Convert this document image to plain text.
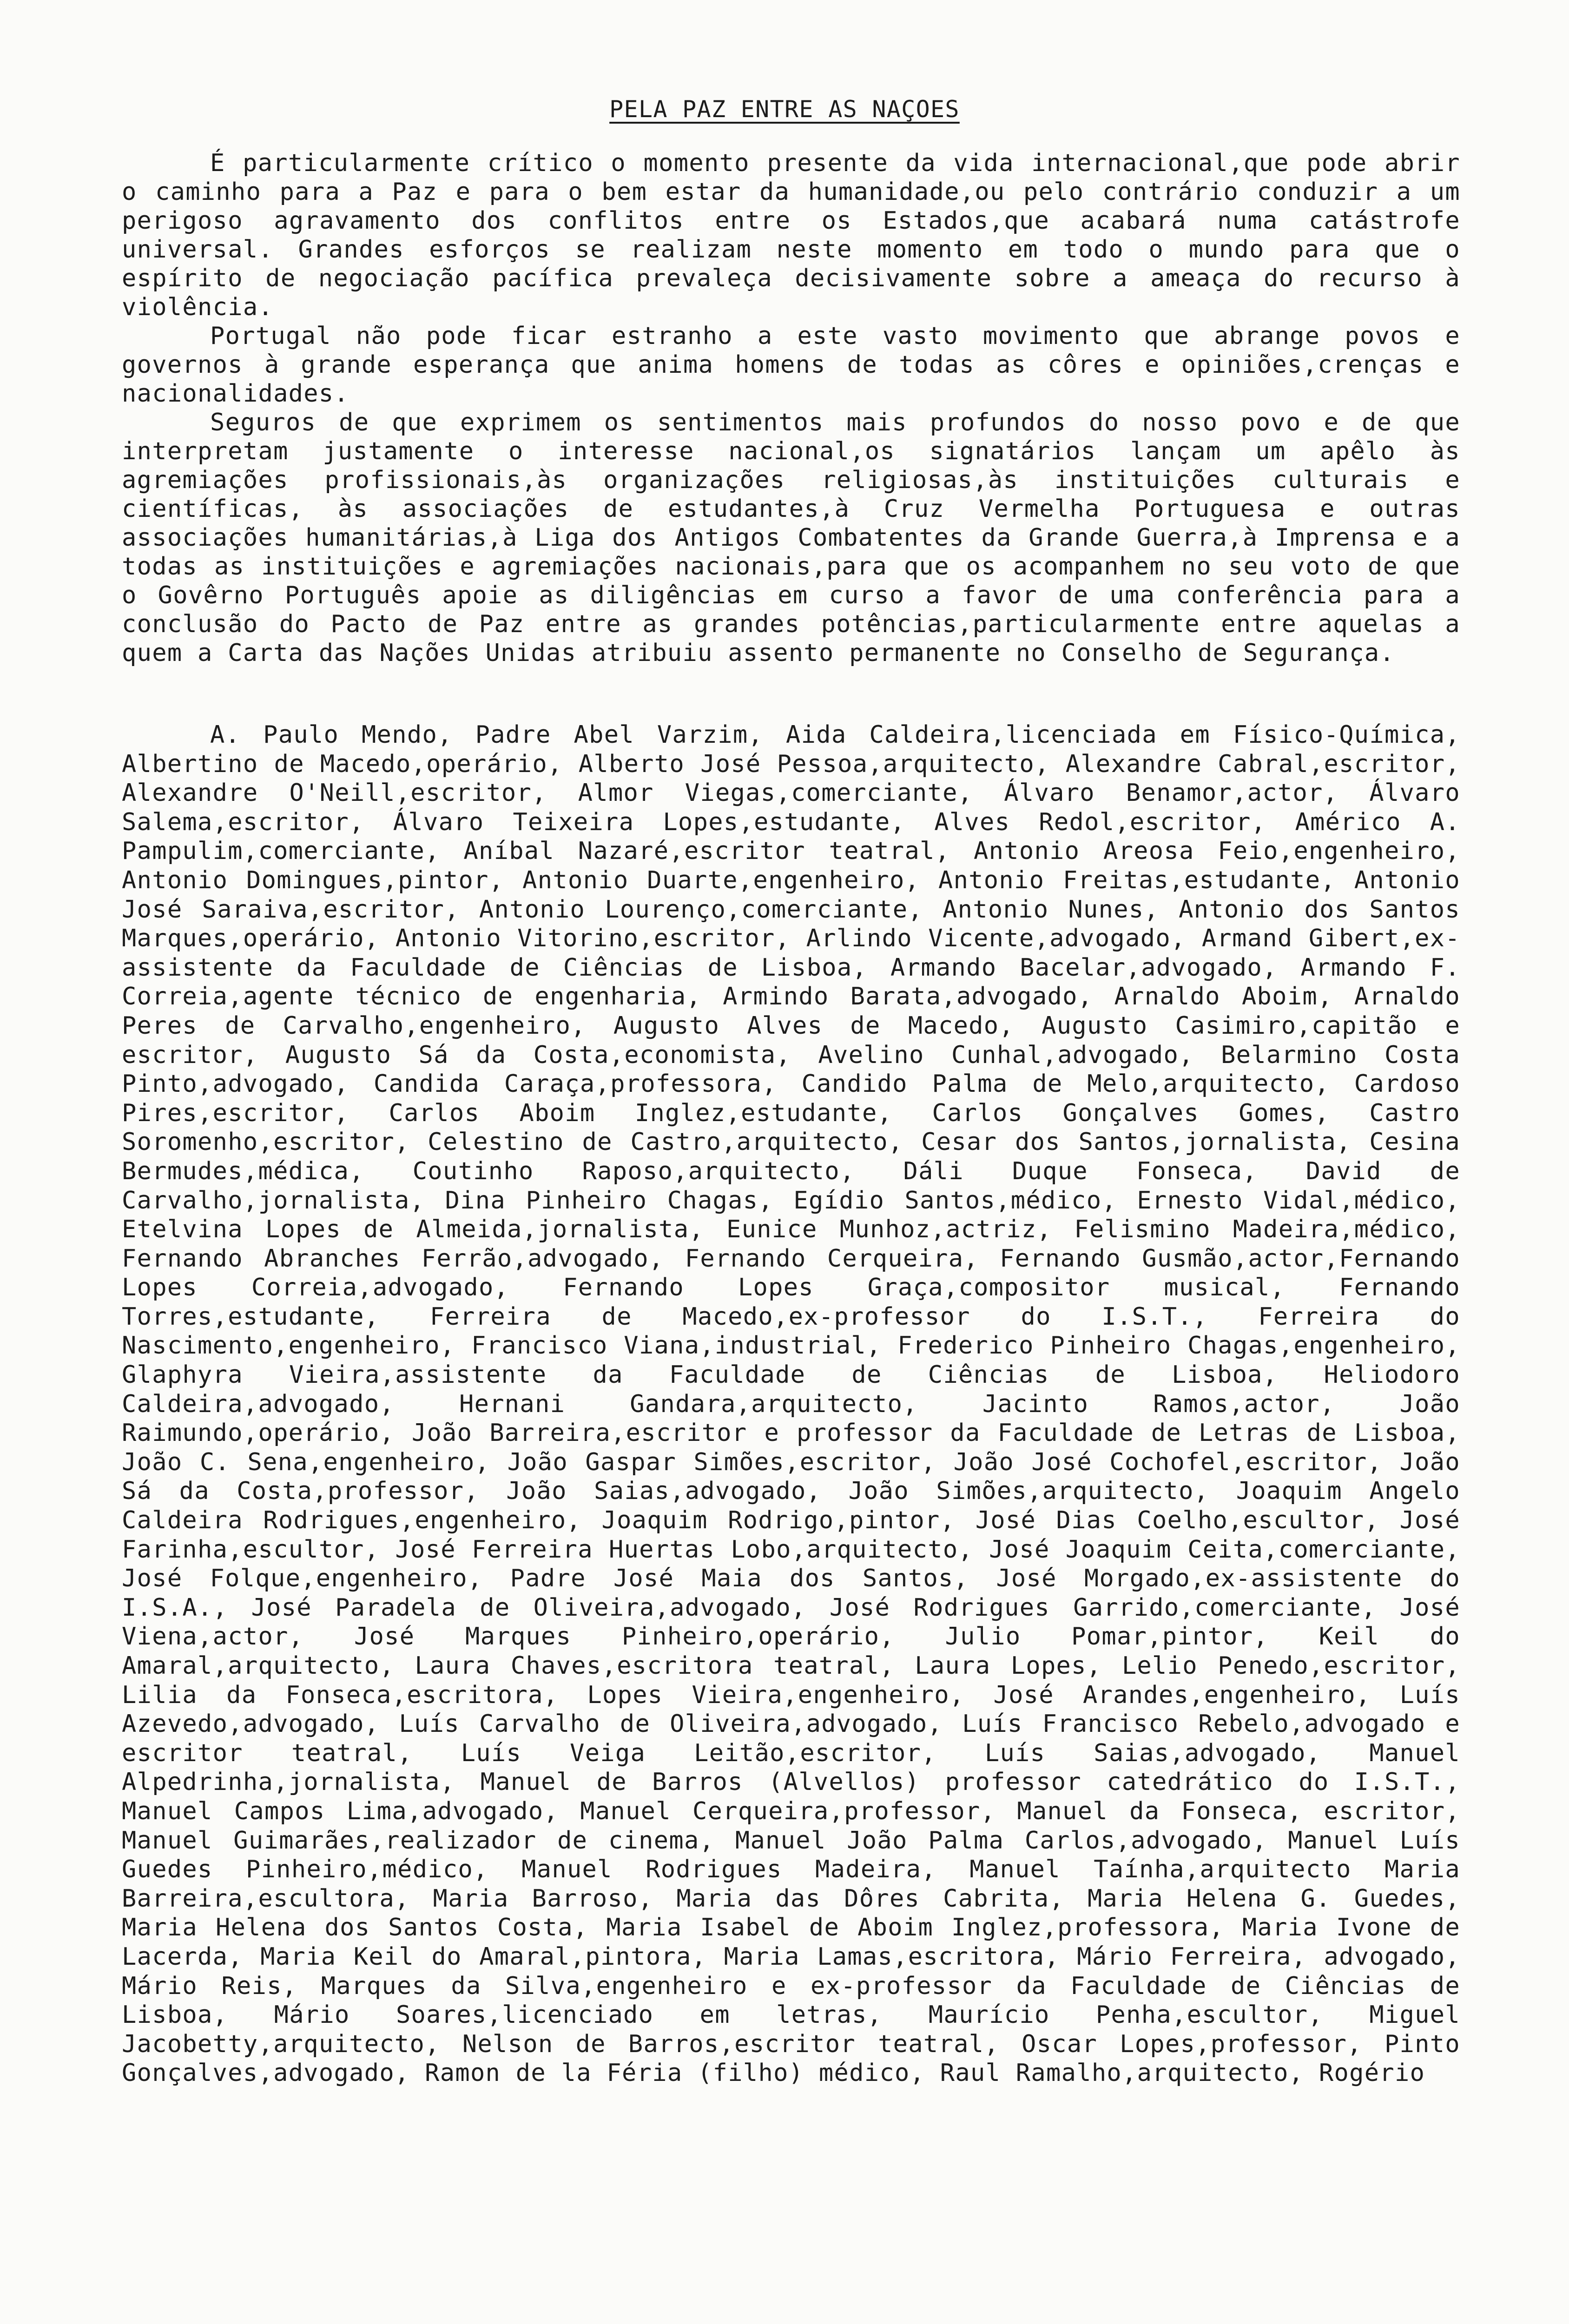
PELA PAZ ENTRE AS NAÇOES

É particularmente crítico o momento presente da vida internacional,que pode abrir o caminho para a Paz e para o bem estar da humanidade,ou pelo contrário conduzir a um perigoso agravamento dos conflitos entre os Estados,que acabará numa catástrofe universal. Grandes esforços se realizam neste momento em todo o mundo para que o espírito de negociação pacífica prevaleça decisivamente sobre a ameaça do recurso à violência.

Portugal não pode ficar estranho a este vasto movimento que abrange povos e governos à grande esperança que anima homens de todas as côres e opiniões,crenças e nacionalidades.

Seguros de que exprimem os sentimentos mais profundos do nosso povo e de que interpretam justamente o interesse nacional,os signatários lançam um apêlo às agremiações profissionais,às organizações religiosas,às instituições culturais e científicas, às associações de estudantes,à Cruz Vermelha Portuguesa e outras associações humanitárias,à Liga dos Antigos Combatentes da Grande Guerra,à Imprensa e a todas as instituições e agremiações nacionais,para que os acompanhem no seu voto de que o Govêrno Português apoie as diligências em curso a favor de uma conferência para a conclusão do Pacto de Paz entre as grandes potências,particularmente entre aquelas a quem a Carta das Nações Unidas atribuiu assento permanente no Conselho de Segurança.

A. Paulo Mendo, Padre Abel Varzim, Aida Caldeira,licenciada em Físico-Química, Albertino de Macedo,operário, Alberto José Pessoa,arquitecto, Alexandre Cabral,escritor, Alexandre O'Neill,escritor, Almor Viegas,comerciante, Álvaro Benamor,actor, Álvaro Salema,escritor, Álvaro Teixeira Lopes,estudante, Alves Redol,escritor, Américo A. Pampulim,comerciante, Aníbal Nazaré,escritor teatral, Antonio Areosa Feio,engenheiro, Antonio Domingues,pintor, Antonio Duarte,engenheiro, Antonio Freitas,estudante, Antonio José Saraiva,escritor, Antonio Lourenço,comerciante, Antonio Nunes, Antonio dos Santos Marques,operário, Antonio Vitorino,escritor, Arlindo Vicente,advogado, Armand Gibert,ex-assistente da Faculdade de Ciências de Lisboa, Armando Bacelar,advogado, Armando F. Correia,agente técnico de engenharia, Armindo Barata,advogado, Arnaldo Aboim, Arnaldo Peres de Carvalho,engenheiro, Augusto Alves de Macedo, Augusto Casimiro,capitão e escritor, Augusto Sá da Costa,economista, Avelino Cunhal,advogado, Belarmino Costa Pinto,advogado, Candida Caraça,professora, Candido Palma de Melo,arquitecto, Cardoso Pires,escritor, Carlos Aboim Inglez,estudante, Carlos Gonçalves Gomes, Castro Soromenho,escritor, Celestino de Castro,arquitecto, Cesar dos Santos,jornalista, Cesina Bermudes,médica, Coutinho Raposo,arquitecto, Dáli Duque Fonseca, David de Carvalho,jornalista, Dina Pinheiro Chagas, Egídio Santos,médico, Ernesto Vidal,médico, Etelvina Lopes de Almeida,jornalista, Eunice Munhoz,actriz, Felismino Madeira,médico, Fernando Abranches Ferrão,advogado, Fernando Cerqueira, Fernando Gusmão,actor,Fernando Lopes Correia,advogado, Fernando Lopes Graça,compositor musical, Fernando Torres,estudante, Ferreira de Macedo,ex-professor do I.S.T., Ferreira do Nascimento,engenheiro, Francisco Viana,industrial, Frederico Pinheiro Chagas,engenheiro, Glaphyra Vieira,assistente da Faculdade de Ciências de Lisboa, Heliodoro Caldeira,advogado, Hernani Gandara,arquitecto, Jacinto Ramos,actor, João Raimundo,operário, João Barreira,escritor e professor da Faculdade de Letras de Lisboa, João C. Sena,engenheiro, João Gaspar Simões,escritor, João José Cochofel,escritor, João Sá da Costa,professor, João Saias,advogado, João Simões,arquitecto, Joaquim Angelo Caldeira Rodrigues,engenheiro, Joaquim Rodrigo,pintor, José Dias Coelho,escultor, José Farinha,escultor, José Ferreira Huertas Lobo,arquitecto, José Joaquim Ceita,comerciante, José Folque,engenheiro, Padre José Maia dos Santos, José Morgado,ex-assistente do I.S.A., José Paradela de Oliveira,advogado, José Rodrigues Garrido,comerciante, José Viena,actor, José Marques Pinheiro,operário, Julio Pomar,pintor, Keil do Amaral,arquitecto, Laura Chaves,escritora teatral, Laura Lopes, Lelio Penedo,escritor, Lilia da Fonseca,escritora, Lopes Vieira,engenheiro, José Arandes,engenheiro, Luís Azevedo,advogado, Luís Carvalho de Oliveira,advogado, Luís Francisco Rebelo,advogado e escritor teatral, Luís Veiga Leitão,escritor, Luís Saias,advogado, Manuel Alpedrinha,jornalista, Manuel de Barros (Alvellos) professor catedrático do I.S.T., Manuel Campos Lima,advogado, Manuel Cerqueira,professor, Manuel da Fonseca, escritor, Manuel Guimarães,realizador de cinema, Manuel João Palma Carlos,advogado, Manuel Luís Guedes Pinheiro,médico, Manuel Rodrigues Madeira, Manuel Taínha,arquitecto Maria Barreira,escultora, Maria Barroso, Maria das Dôres Cabrita, Maria Helena G. Guedes, Maria Helena dos Santos Costa, Maria Isabel de Aboim Inglez,professora, Maria Ivone de Lacerda, Maria Keil do Amaral,pintora, Maria Lamas,escritora, Mário Ferreira, advogado, Mário Reis, Marques da Silva,engenheiro e ex-professor da Faculdade de Ciências de Lisboa, Mário Soares,licenciado em letras, Maurício Penha,escultor, Miguel Jacobetty,arquitecto, Nelson de Barros,escritor teatral, Oscar Lopes,professor, Pinto Gonçalves,advogado, Ramon de la Féria (filho) médico, Raul Ramalho,arquitecto, Rogério
